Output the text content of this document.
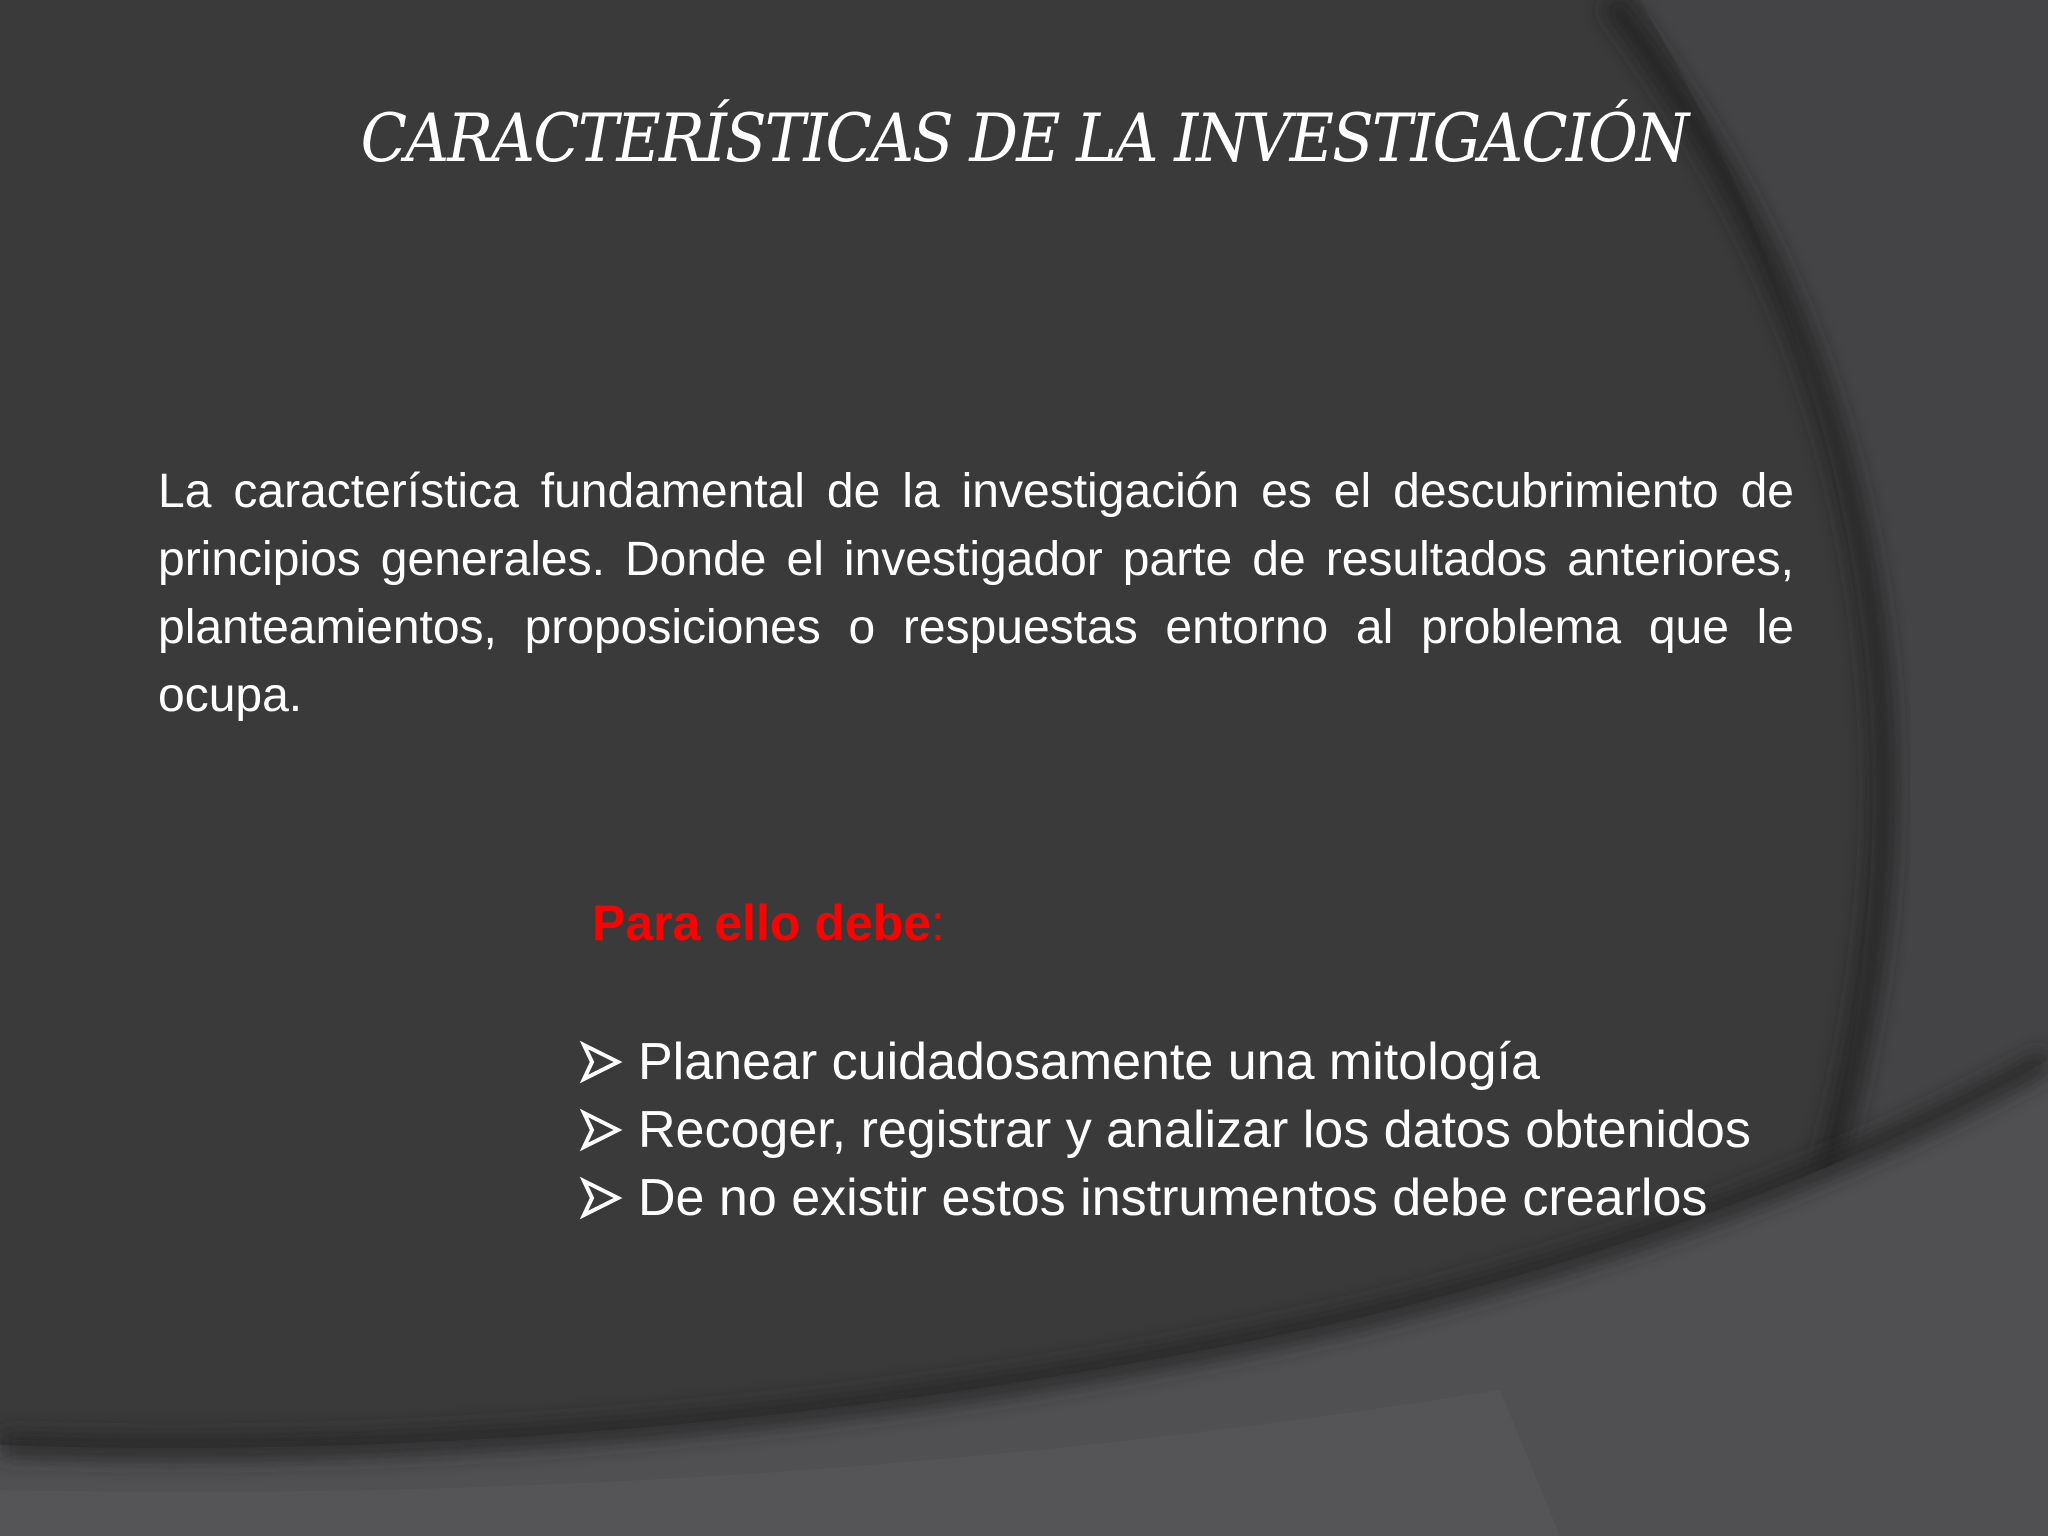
CARACTERÍSTICAS DE LA INVESTIGACIÓN
La característica fundamental de la investigación es el descubrimiento de principios generales. Donde el investigador parte de resultados anteriores, planteamientos, proposiciones o respuestas entorno al problema que le ocupa.
Para ello debe:
Planear cuidadosamente una mitología
Recoger, registrar y analizar los datos obtenidos
De no existir estos instrumentos debe crearlos
